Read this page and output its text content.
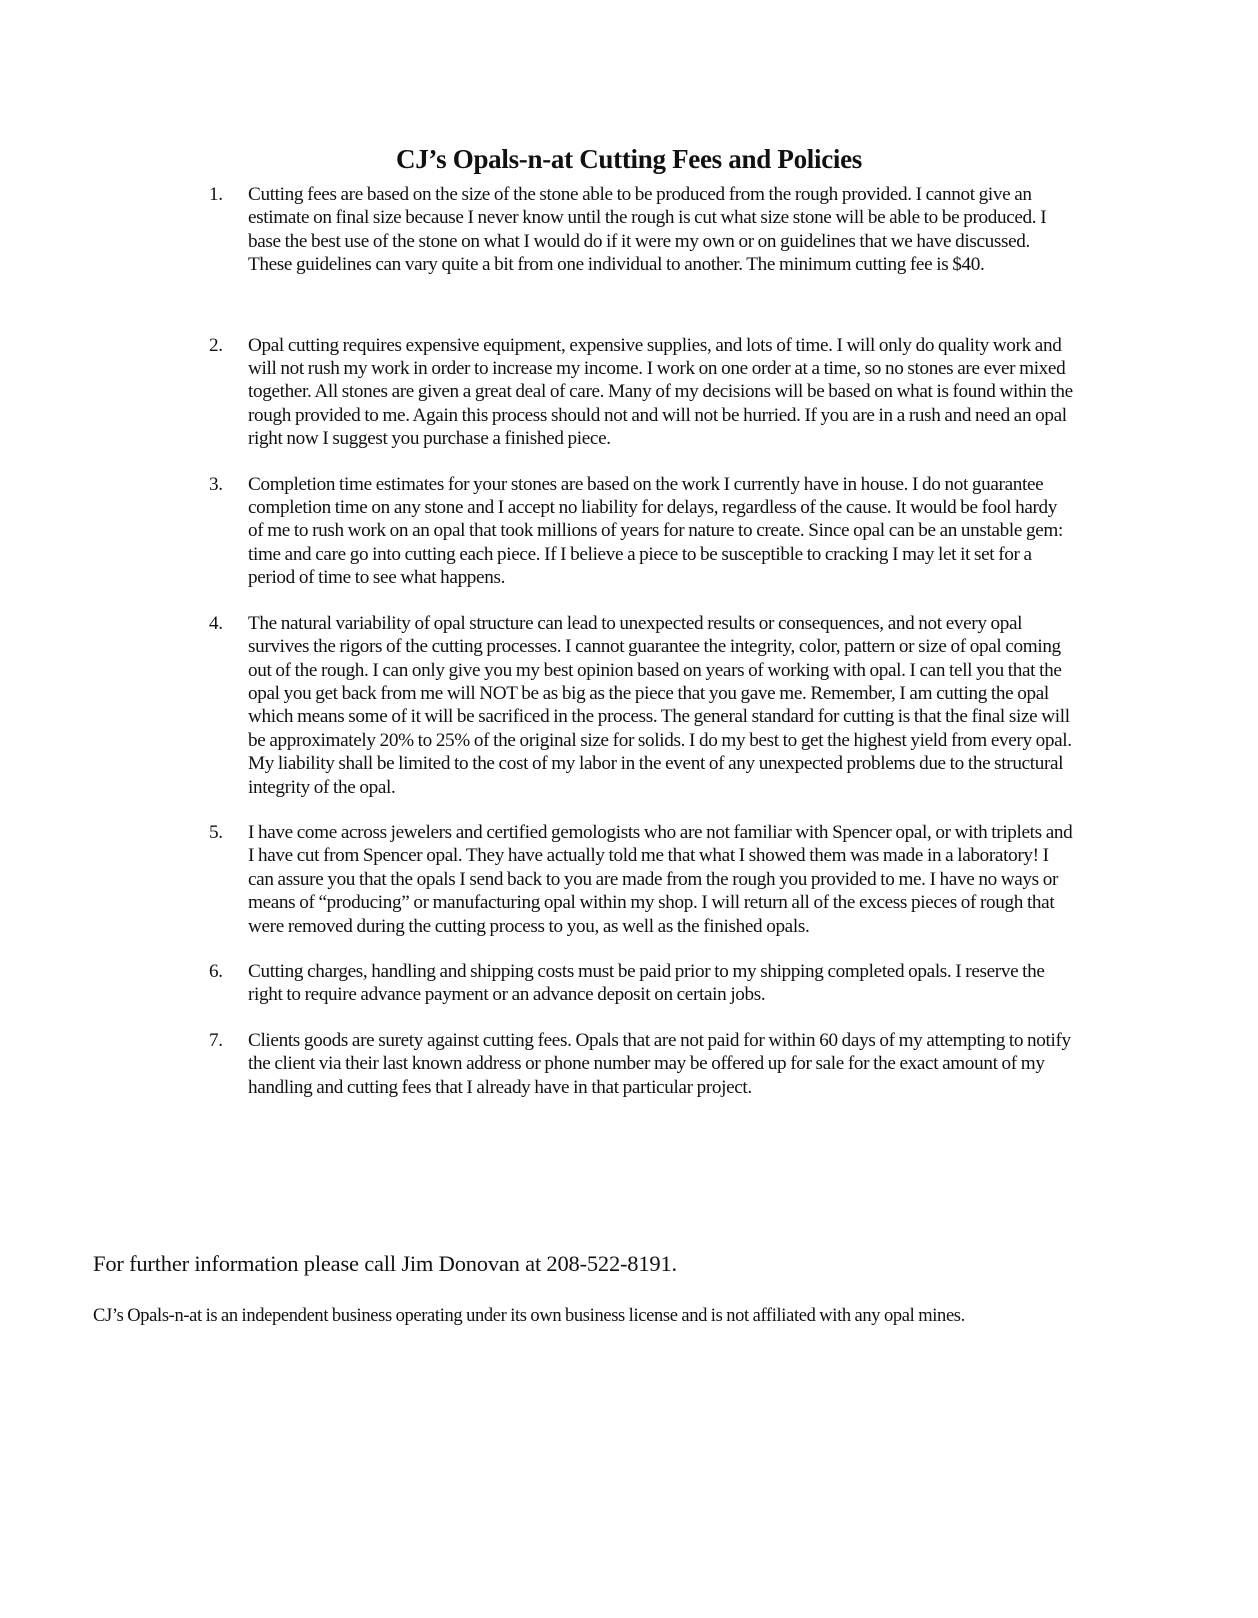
CJ’s Opals-n-at Cutting Fees and Policies
1. Cutting fees are based on the size of the stone able to be produced from the rough provided. I cannot give an estimate on final size because I never know until the rough is cut what size stone will be able to be produced. I base the best use of the stone on what I would do if it were my own or on guidelines that we have discussed. These guidelines can vary quite a bit from one individual to another. The minimum cutting fee is $40.
2. Opal cutting requires expensive equipment, expensive supplies, and lots of time. I will only do quality work and will not rush my work in order to increase my income. I work on one order at a time, so no stones are ever mixed together. All stones are given a great deal of care. Many of my decisions will be based on what is found within the rough provided to me. Again this process should not and will not be hurried. If you are in a rush and need an opal right now I suggest you purchase a finished piece.
3. Completion time estimates for your stones are based on the work I currently have in house. I do not guarantee completion time on any stone and I accept no liability for delays, regardless of the cause. It would be fool hardy of me to rush work on an opal that took millions of years for nature to create. Since opal can be an unstable gem: time and care go into cutting each piece. If I believe a piece to be susceptible to cracking I may let it set for a period of time to see what happens.
4. The natural variability of opal structure can lead to unexpected results or consequences, and not every opal survives the rigors of the cutting processes. I cannot guarantee the integrity, color, pattern or size of opal coming out of the rough. I can only give you my best opinion based on years of working with opal. I can tell you that the opal you get back from me will NOT be as big as the piece that you gave me. Remember, I am cutting the opal which means some of it will be sacrificed in the process. The general standard for cutting is that the final size will be approximately 20% to 25% of the original size for solids. I do my best to get the highest yield from every opal. My liability shall be limited to the cost of my labor in the event of any unexpected problems due to the structural integrity of the opal.
5. I have come across jewelers and certified gemologists who are not familiar with Spencer opal, or with triplets and I have cut from Spencer opal. They have actually told me that what I showed them was made in a laboratory! I can assure you that the opals I send back to you are made from the rough you provided to me. I have no ways or means of “producing” or manufacturing opal within my shop. I will return all of the excess pieces of rough that were removed during the cutting process to you, as well as the finished opals.
6. Cutting charges, handling and shipping costs must be paid prior to my shipping completed opals. I reserve the right to require advance payment or an advance deposit on certain jobs.
7. Clients goods are surety against cutting fees. Opals that are not paid for within 60 days of my attempting to notify the client via their last known address or phone number may be offered up for sale for the exact amount of my handling and cutting fees that I already have in that particular project.

For further information please call Jim Donovan at 208-522-8191.

CJ’s Opals-n-at is an independent business operating under its own business license and is not affiliated with any opal mines.
